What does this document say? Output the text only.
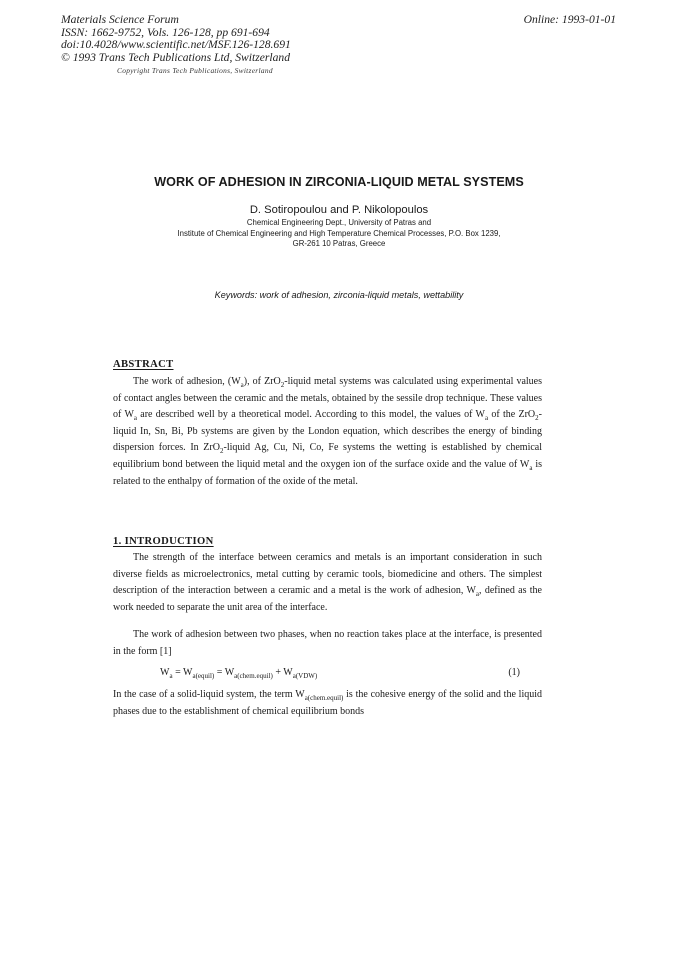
Materials Science Forum
ISSN: 1662-9752, Vols. 126-128, pp 691-694
doi:10.4028/www.scientific.net/MSF.126-128.691
© 1993 Trans Tech Publications Ltd, Switzerland
Online: 1993-01-01
Copyright Trans Tech Publications, Switzerland
WORK OF ADHESION IN ZIRCONIA-LIQUID METAL SYSTEMS
D. Sotiropoulou and P. Nikolopoulos
Chemical Engineering Dept., University of Patras and
Institute of Chemical Engineering and High Temperature Chemical Processes, P.O. Box 1239,
GR-261 10 Patras, Greece
Keywords: work of adhesion, zirconia-liquid metals, wettability
ABSTRACT

The work of adhesion, $(W_a)$, of ZrO$_2$-liquid metal systems was calculated using experimental values of contact angles between the ceramic and the metals, obtained by the sessile drop technique. These values of $W_a$ are described well by a theoretical model. According to this model, the values of $W_a$ of the ZrO$_2$-liquid In, Sn, Bi, Pb systems are given by the London equation, which describes the energy of binding dispersion forces. In ZrO$_2$-liquid Ag, Cu, Ni, Co, Fe systems the wetting is established by chemical equilibrium bond between the liquid metal and the oxygen ion of the surface oxide and the value of $W_a$ is related to the enthalpy of formation of the oxide of the metal.

1. INTRODUCTION

The strength of the interface between ceramics and metals is an important consideration in such diverse fields as microelectronics, metal cutting by ceramic tools, biomedicine and others. The simplest description of the interaction between a ceramic and a metal is the work of adhesion, $W_a$, defined as the work needed to separate the unit area of the interface.

The work of adhesion between two phases, when no reaction takes place at the interface, is presented in the form [1]

$W_a = W_{a(equil)} = W_{a(chem.equil)} + W_{a(VDW)}$	(1)

In the case of a solid-liquid system, the term $W_{a(chem.equil)}$ is the cohesive energy of the solid and the liquid phases due to the establishment of chemical equilibrium bonds
